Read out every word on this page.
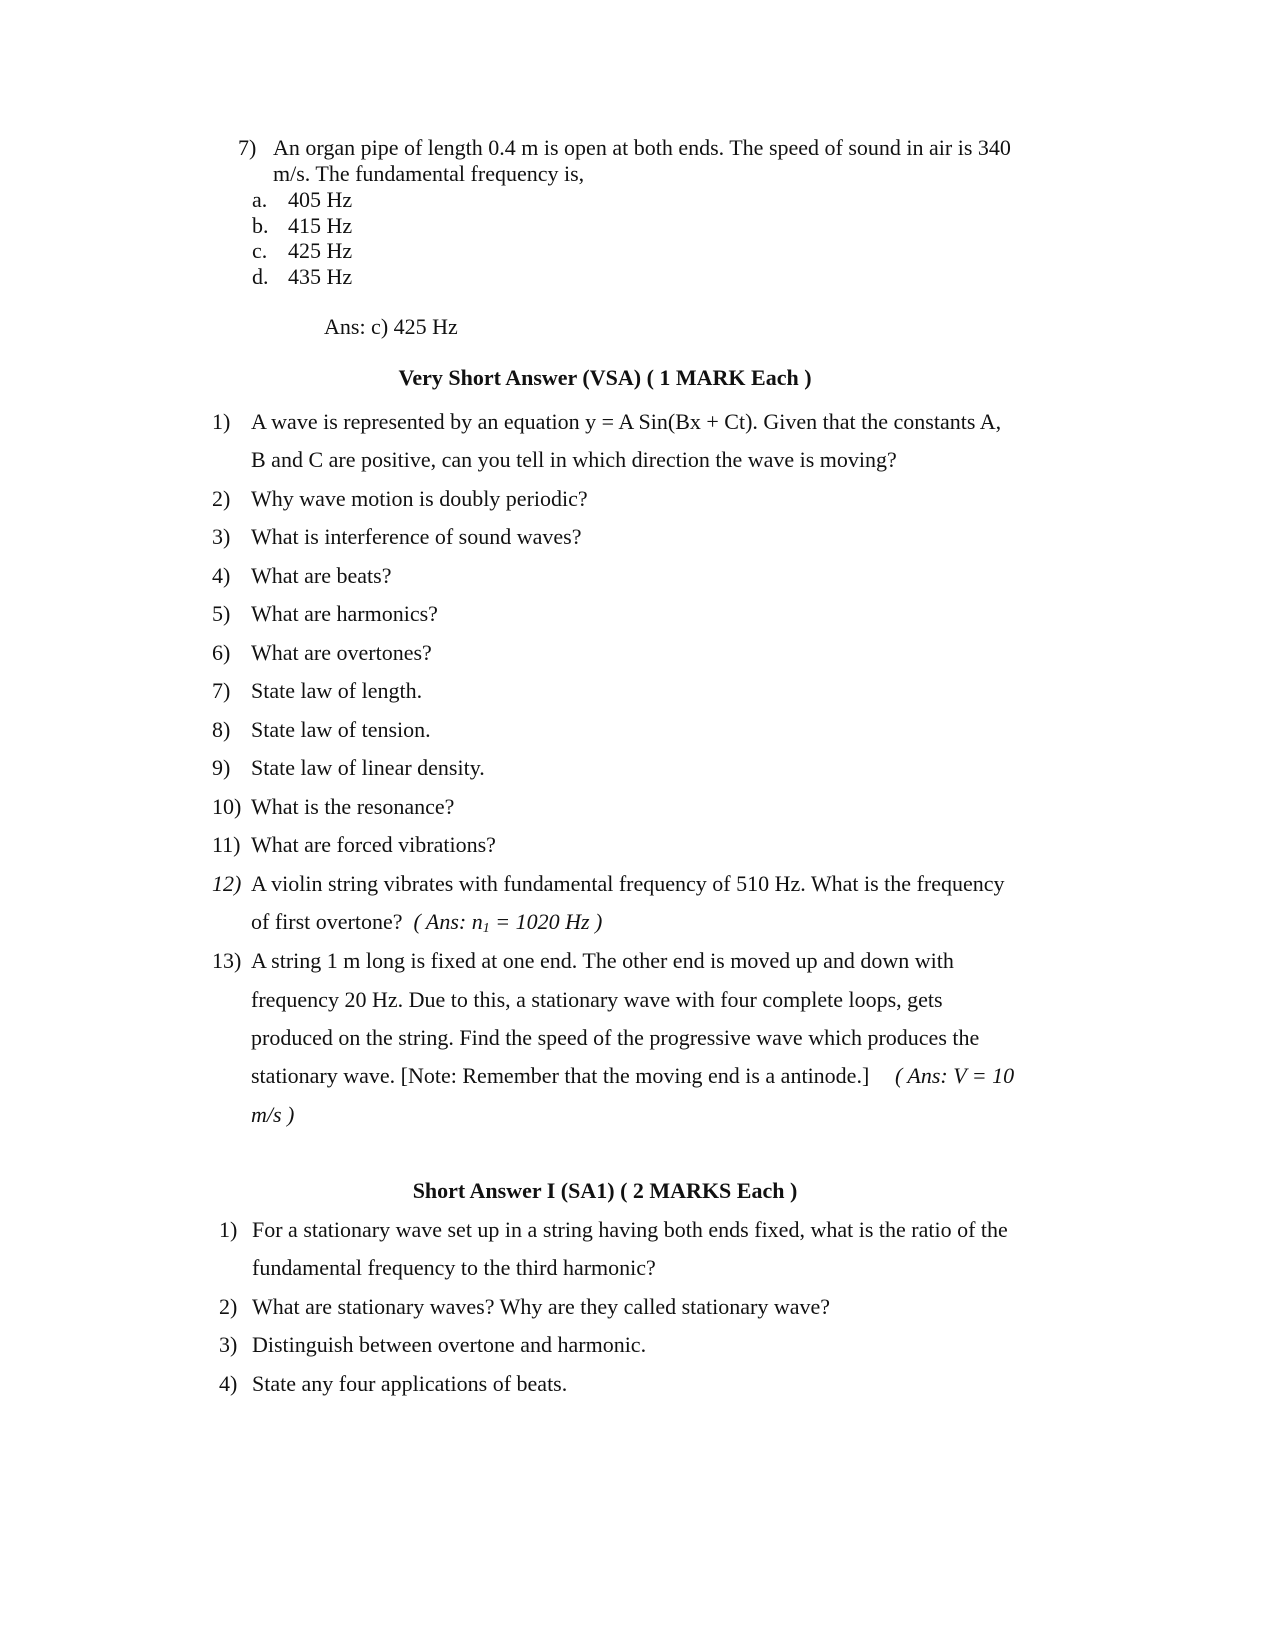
7) An organ pipe of length 0.4 m is open at both ends. The speed of sound in air is 340
m/s. The fundamental frequency is,
a. 405 Hz
b. 415 Hz
c. 425 Hz
d. 435 Hz
Ans: c) 425 Hz
Very Short Answer (VSA) ( 1 MARK Each )
1) A wave is represented by an equation y = A Sin(Bx + Ct). Given that the constants A,
B and C are positive, can you tell in which direction the wave is moving?
2) Why wave motion is doubly periodic?
3) What is interference of sound waves?
4) What are beats?
5) What are harmonics?
6) What are overtones?
7) State law of length.
8) State law of tension.
9) State law of linear density.
10) What is the resonance?
11) What are forced vibrations?
12) A violin string vibrates with fundamental frequency of 510 Hz. What is the frequency
of first overtone? ( Ans: $n_1 = 1020$ Hz )
13) A string 1 m long is fixed at one end. The other end is moved up and down with
frequency 20 Hz. Due to this, a stationary wave with four complete loops, gets
produced on the string. Find the speed of the progressive wave which produces the
stationary wave. [Note: Remember that the moving end is a antinode.] ( Ans: V = 10
m/s )
Short Answer I (SA1) ( 2 MARKS Each )
1) For a stationary wave set up in a string having both ends fixed, what is the ratio of the
fundamental frequency to the third harmonic?
2) What are stationary waves? Why are they called stationary wave?
3) Distinguish between overtone and harmonic.
4) State any four applications of beats.
